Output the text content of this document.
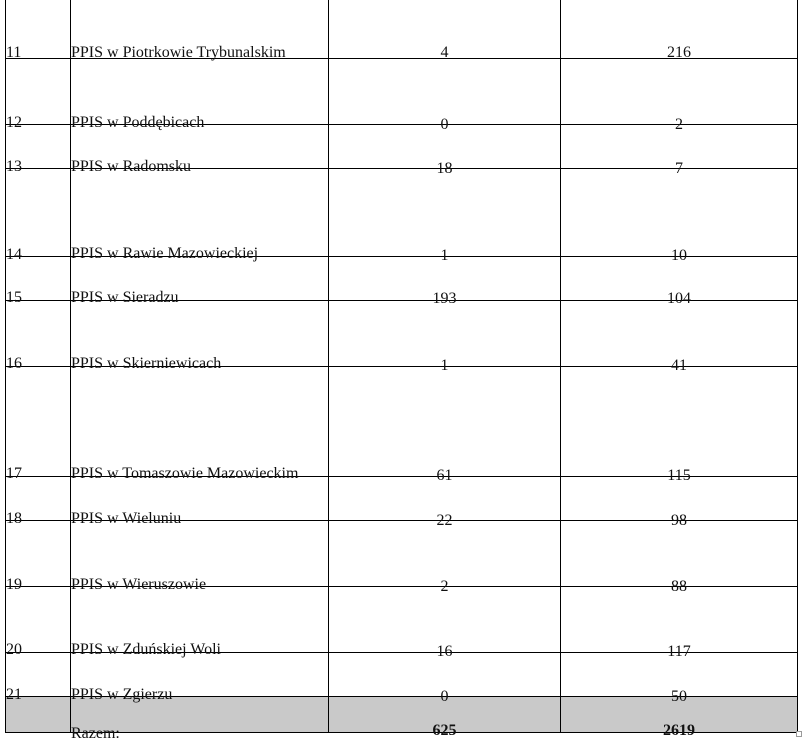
11	PPIS w Piotrkowie Trybunalskim	4	216

12	PPIS w Poddębicach	0	2

13	PPIS w Radomsku	18	7

14	PPIS w Rawie Mazowieckiej	1	10

15	PPIS w Sieradzu	193	104

16	PPIS w Skierniewicach	1	41

17	PPIS w Tomaszowie Mazowieckim	61	115

18	PPIS w Wieluniu	22	98

19	PPIS w Wieruszowie	2	88

20	PPIS w Zduńskiej Woli	16	117

21	PPIS w Zgierzu	0	50

	Razem:	625	2619
